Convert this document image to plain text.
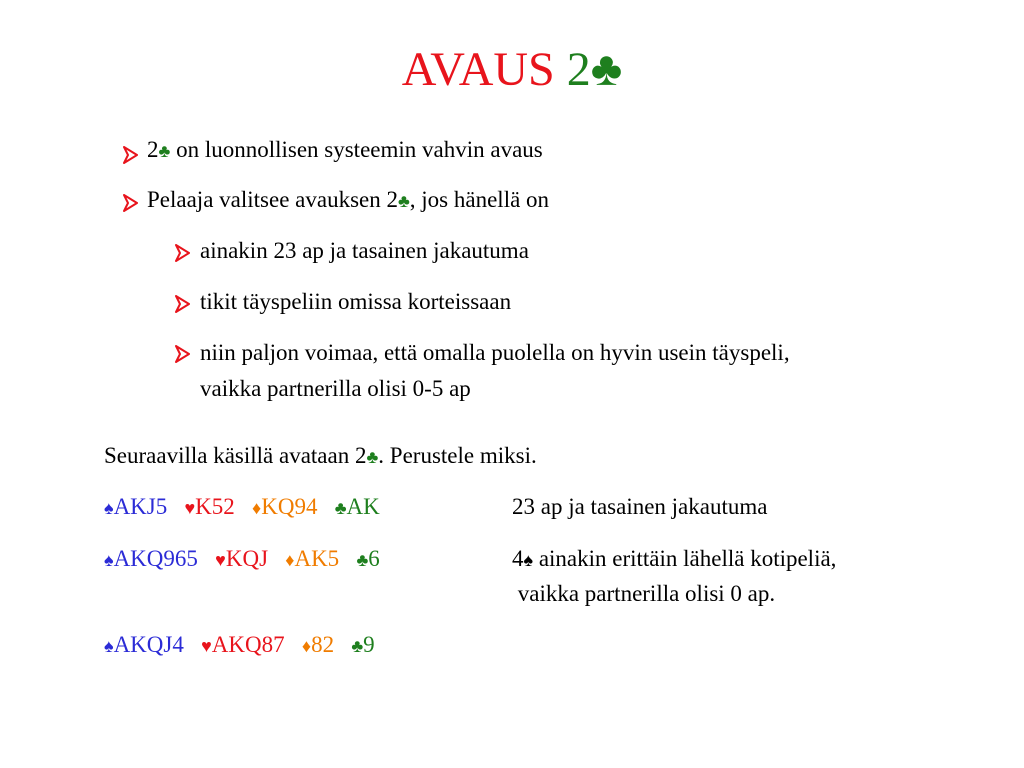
AVAUS 2♣
2♣ on luonnollisen systeemin vahvin avaus
Pelaaja valitsee avauksen 2♣, jos hänellä on
ainakin 23 ap ja tasainen jakautuma
tikit täyspeliin omissa korteissaan
niin paljon voimaa, että omalla puolella on hyvin usein täyspeli,
vaikka partnerilla olisi 0-5 ap
Seuraavilla käsillä avataan 2♣. Perustele miksi.
♠AKJ5 ♥K52 ♦KQ94 ♣AK	23 ap ja tasainen jakautuma
♠AKQ965 ♥KQJ ♦AK5 ♣6	4♠ ainakin erittäin lähellä kotipeliä,
vaikka partnerilla olisi 0 ap.
♠AKQJ4 ♥AKQ87 ♦82 ♣9
